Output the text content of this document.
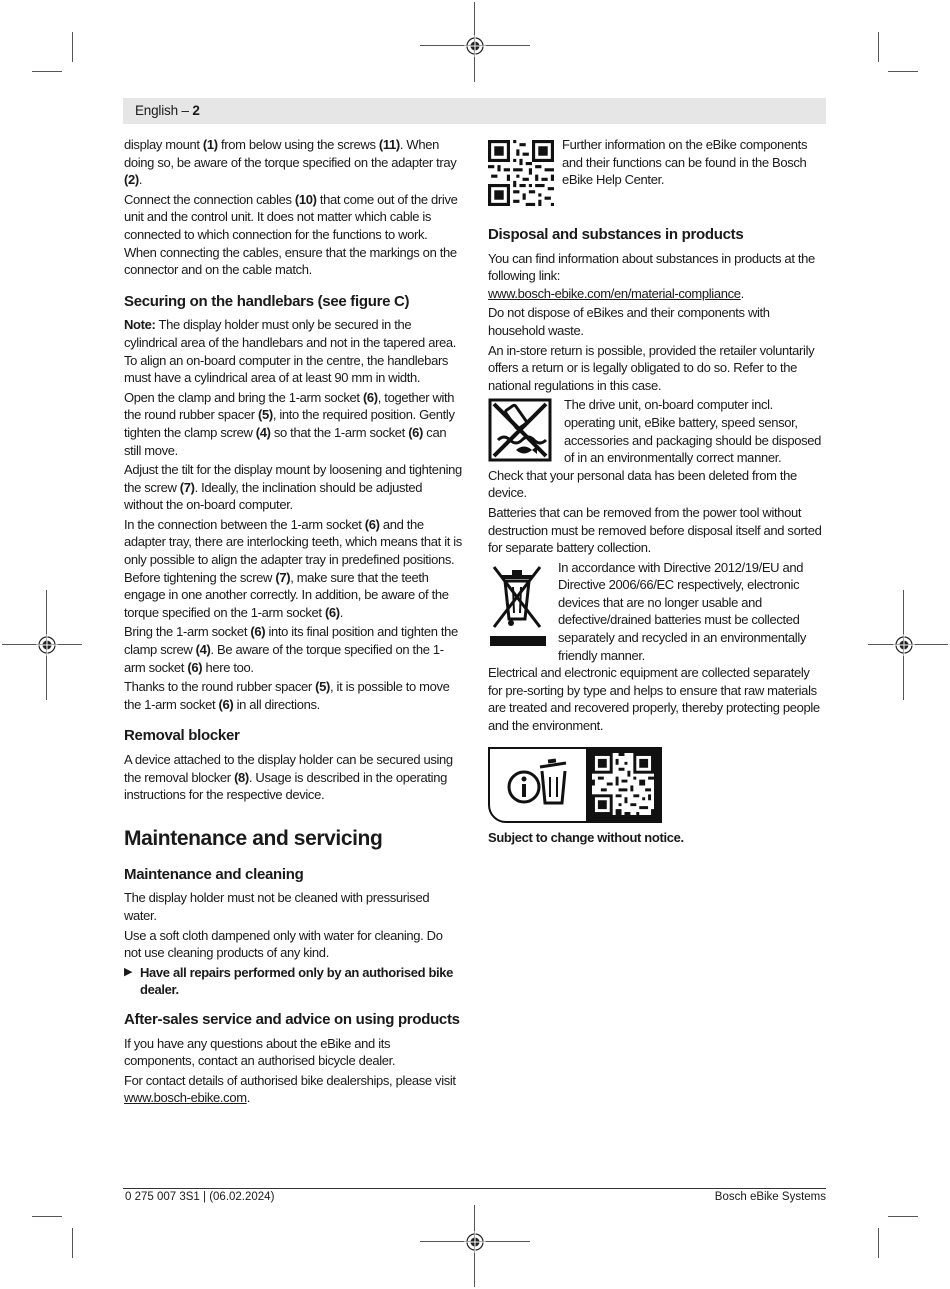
English – 2

display mount (1) from below using the screws (11). When doing so, be aware of the torque specified on the adapter tray (2).

Connect the connection cables (10) that come out of the drive unit and the control unit. It does not matter which cable is connected to which connection for the functions to work. When connecting the cables, ensure that the markings on the connector and on the cable match.

Securing on the handlebars (see figure C)

Note: The display holder must only be secured in the cylindrical area of the handlebars and not in the tapered area. To align an on-board computer in the centre, the handlebars must have a cylindrical area of at least 90 mm in width.

Open the clamp and bring the 1-arm socket (6), together with the round rubber spacer (5), into the required position. Gently tighten the clamp screw (4) so that the 1-arm socket (6) can still move.

Adjust the tilt for the display mount by loosening and tightening the screw (7). Ideally, the inclination should be adjusted without the on-board computer.

In the connection between the 1-arm socket (6) and the adapter tray, there are interlocking teeth, which means that it is only possible to align the adapter tray in predefined positions. Before tightening the screw (7), make sure that the teeth engage in one another correctly. In addition, be aware of the torque specified on the 1-arm socket (6).

Bring the 1-arm socket (6) into its final position and tighten the clamp screw (4). Be aware of the torque specified on the 1-arm socket (6) here too.

Thanks to the round rubber spacer (5), it is possible to move the 1-arm socket (6) in all directions.

Removal blocker

A device attached to the display holder can be secured using the removal blocker (8). Usage is described in the operating instructions for the respective device.

Maintenance and servicing
Maintenance and cleaning

The display holder must not be cleaned with pressurised water.

Use a soft cloth dampened only with water for cleaning. Do not use cleaning products of any kind.

▶ Have all repairs performed only by an authorised bike dealer.
After-sales service and advice on using products

If you have any questions about the eBike and its components, contact an authorised bicycle dealer.

For contact details of authorised bike dealerships, please visit www.bosch-ebike.com.

Further information on the eBike components and their functions can be found in the Bosch eBike Help Center.
Disposal and substances in products

You can find information about substances in products at the following link:
www.bosch-ebike.com/en/material-compliance.

Do not dispose of eBikes and their components with household waste.

An in-store return is possible, provided the retailer voluntarily offers a return or is legally obligated to do so. Refer to the national regulations in this case.

The drive unit, on-board computer incl. operating unit, eBike battery, speed sensor, accessories and packaging should be disposed of in an environmentally correct manner.

Check that your personal data has been deleted from the device.

Batteries that can be removed from the power tool without destruction must be removed before disposal itself and sorted for separate battery collection.

In accordance with Directive 2012/19/EU and Directive 2006/66/EC respectively, electronic devices that are no longer usable and defective/drained batteries must be collected separately and recycled in an environmentally friendly manner.

Electrical and electronic equipment are collected separately for pre-sorting by type and helps to ensure that raw materials are treated and recovered properly, thereby protecting people and the environment.

Subject to change without notice.

0 275 007 3S1 | (06.02.2024)	Bosch eBike Systems
